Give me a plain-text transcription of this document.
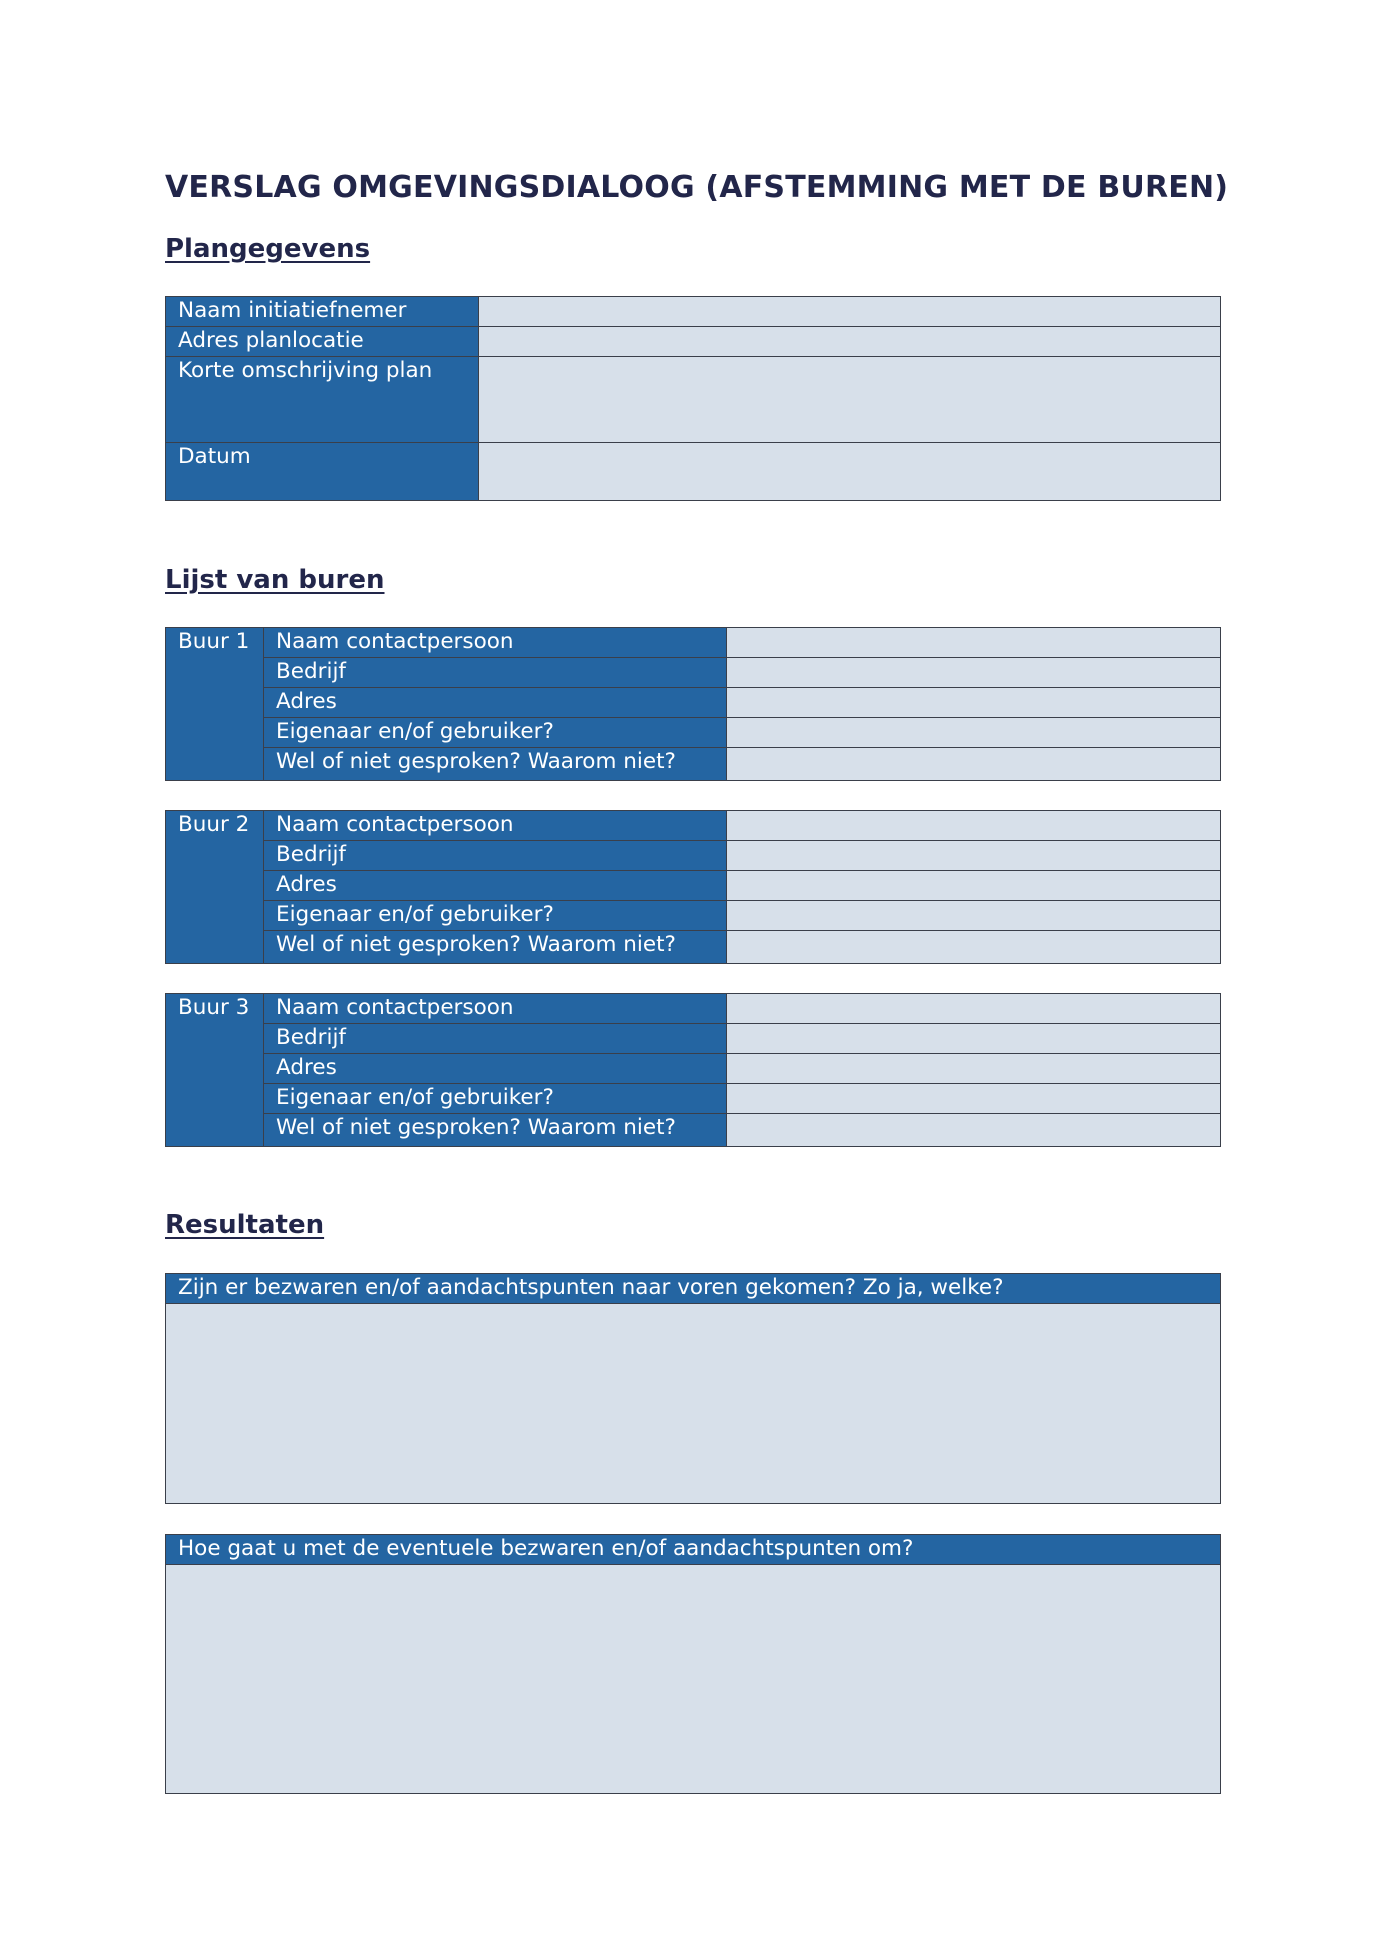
VERSLAG OMGEVINGSDIALOOG (AFSTEMMING MET DE BUREN)
Plangegevens
Naam initiatiefnemer	
Adres planlocatie	
Korte omschrijving plan	
Datum	
Lijst van buren
Buur 1	Naam contactpersoon	
	Bedrijf	
	Adres	
	Eigenaar en/of gebruiker?	
	Wel of niet gesproken? Waarom niet?	
Buur 2	Naam contactpersoon	
	Bedrijf	
	Adres	
	Eigenaar en/of gebruiker?	
	Wel of niet gesproken? Waarom niet?	
Buur 3	Naam contactpersoon	
	Bedrijf	
	Adres	
	Eigenaar en/of gebruiker?	
	Wel of niet gesproken? Waarom niet?	
Resultaten
Zijn er bezwaren en/of aandachtspunten naar voren gekomen? Zo ja, welke?

Hoe gaat u met de eventuele bezwaren en/of aandachtspunten om?
